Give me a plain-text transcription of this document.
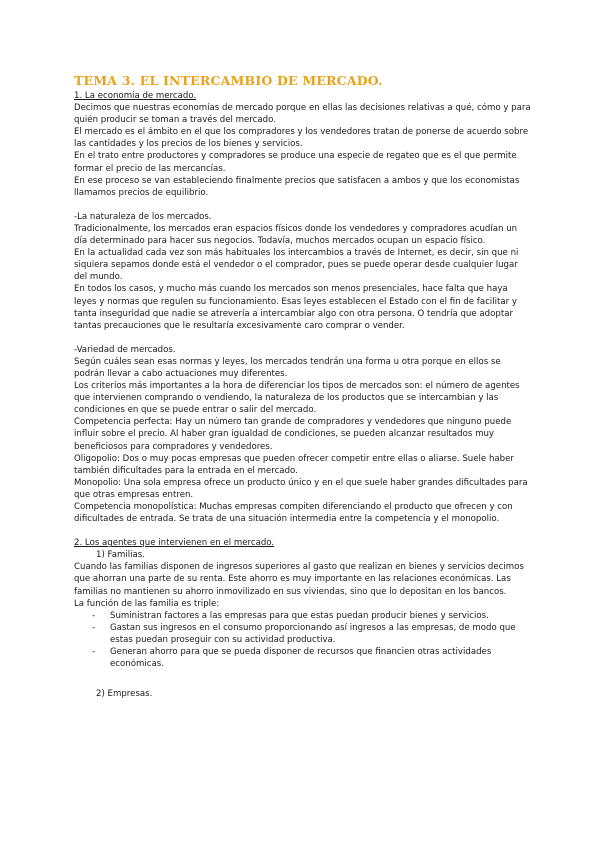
TEMA 3. EL INTERCAMBIO DE MERCADO.

1. La economía de mercado.

Decimos que nuestras economías de mercado porque en ellas las decisiones relativas a qué, cómo y para quién producir se toman a través del mercado.

El mercado es el ámbito en el que los compradores y los vendedores tratan de ponerse de acuerdo sobre las cantidades y los precios de los bienes y servicios.

En el trato entre productores y compradores se produce una especie de regateo que es el que permite formar el precio de las mercancías.

En ese proceso se van estableciendo finalmente precios que satisfacen a ambos y que los economistas llamamos precios de equilibrio.

-La naturaleza de los mercados.

Tradicionalmente, los mercados eran espacios físicos donde los vendedores y compradores acudían un día determinado para hacer sus negocios. Todavía, muchos mercados ocupan un espacio físico.

En la actualidad cada vez son más habituales los intercambios a través de Internet, es decir, sin que ni siquiera sepamos donde está el vendedor o el comprador, pues se puede operar desde cualquier lugar del mundo.

En todos los casos, y mucho más cuando los mercados son menos presenciales, hace falta que haya leyes y normas que regulen su funcionamiento. Esas leyes establecen el Estado con el fin de facilitar y tanta inseguridad que nadie se atrevería a intercambiar algo con otra persona. O tendría que adoptar tantas precauciones que le resultaría excesivamente caro comprar o vender.

-Variedad de mercados.

Según cuáles sean esas normas y leyes, los mercados tendrán una forma u otra porque en ellos se podrán llevar a cabo actuaciones muy diferentes.

Los criterios más importantes a la hora de diferenciar los tipos de mercados son: el número de agentes que intervienen comprando o vendiendo, la naturaleza de los productos que se intercambian y las condiciones en que se puede entrar o salir del mercado.

Competencia perfecta: Hay un número tan grande de compradores y vendedores que ninguno puede influir sobre el precio. Al haber gran igualdad de condiciones, se pueden alcanzar resultados muy beneficiosos para compradores y vendedores.

Oligopolio: Dos o muy pocas empresas que pueden ofrecer competir entre ellas o aliarse. Suele haber también dificultades para la entrada en el mercado.

Monopolio: Una sola empresa ofrece un producto único y en el que suele haber grandes dificultades para que otras empresas entren.

Competencia monopolística: Muchas empresas compiten diferenciando el producto que ofrecen y con dificultades de entrada. Se trata de una situación intermedia entre la competencia y el monopolio.

2. Los agentes que intervienen en el mercado.

1) Familias.

Cuando las familias disponen de ingresos superiores al gasto que realizan en bienes y servicios decimos que ahorran una parte de su renta. Este ahorro es muy importante en las relaciones económicas. Las familias no mantienen su ahorro inmovilizado en sus viviendas, sino que lo depositan en los bancos.

La función de las familia es triple:

- Suministran factores a las empresas para que estas puedan producir bienes y servicios.
- Gastan sus ingresos en el consumo proporcionando así ingresos a las empresas, de modo que estas puedan proseguir con su actividad productiva.
- Generan ahorro para que se pueda disponer de recursos que financien otras actividades económicas.

2) Empresas.
